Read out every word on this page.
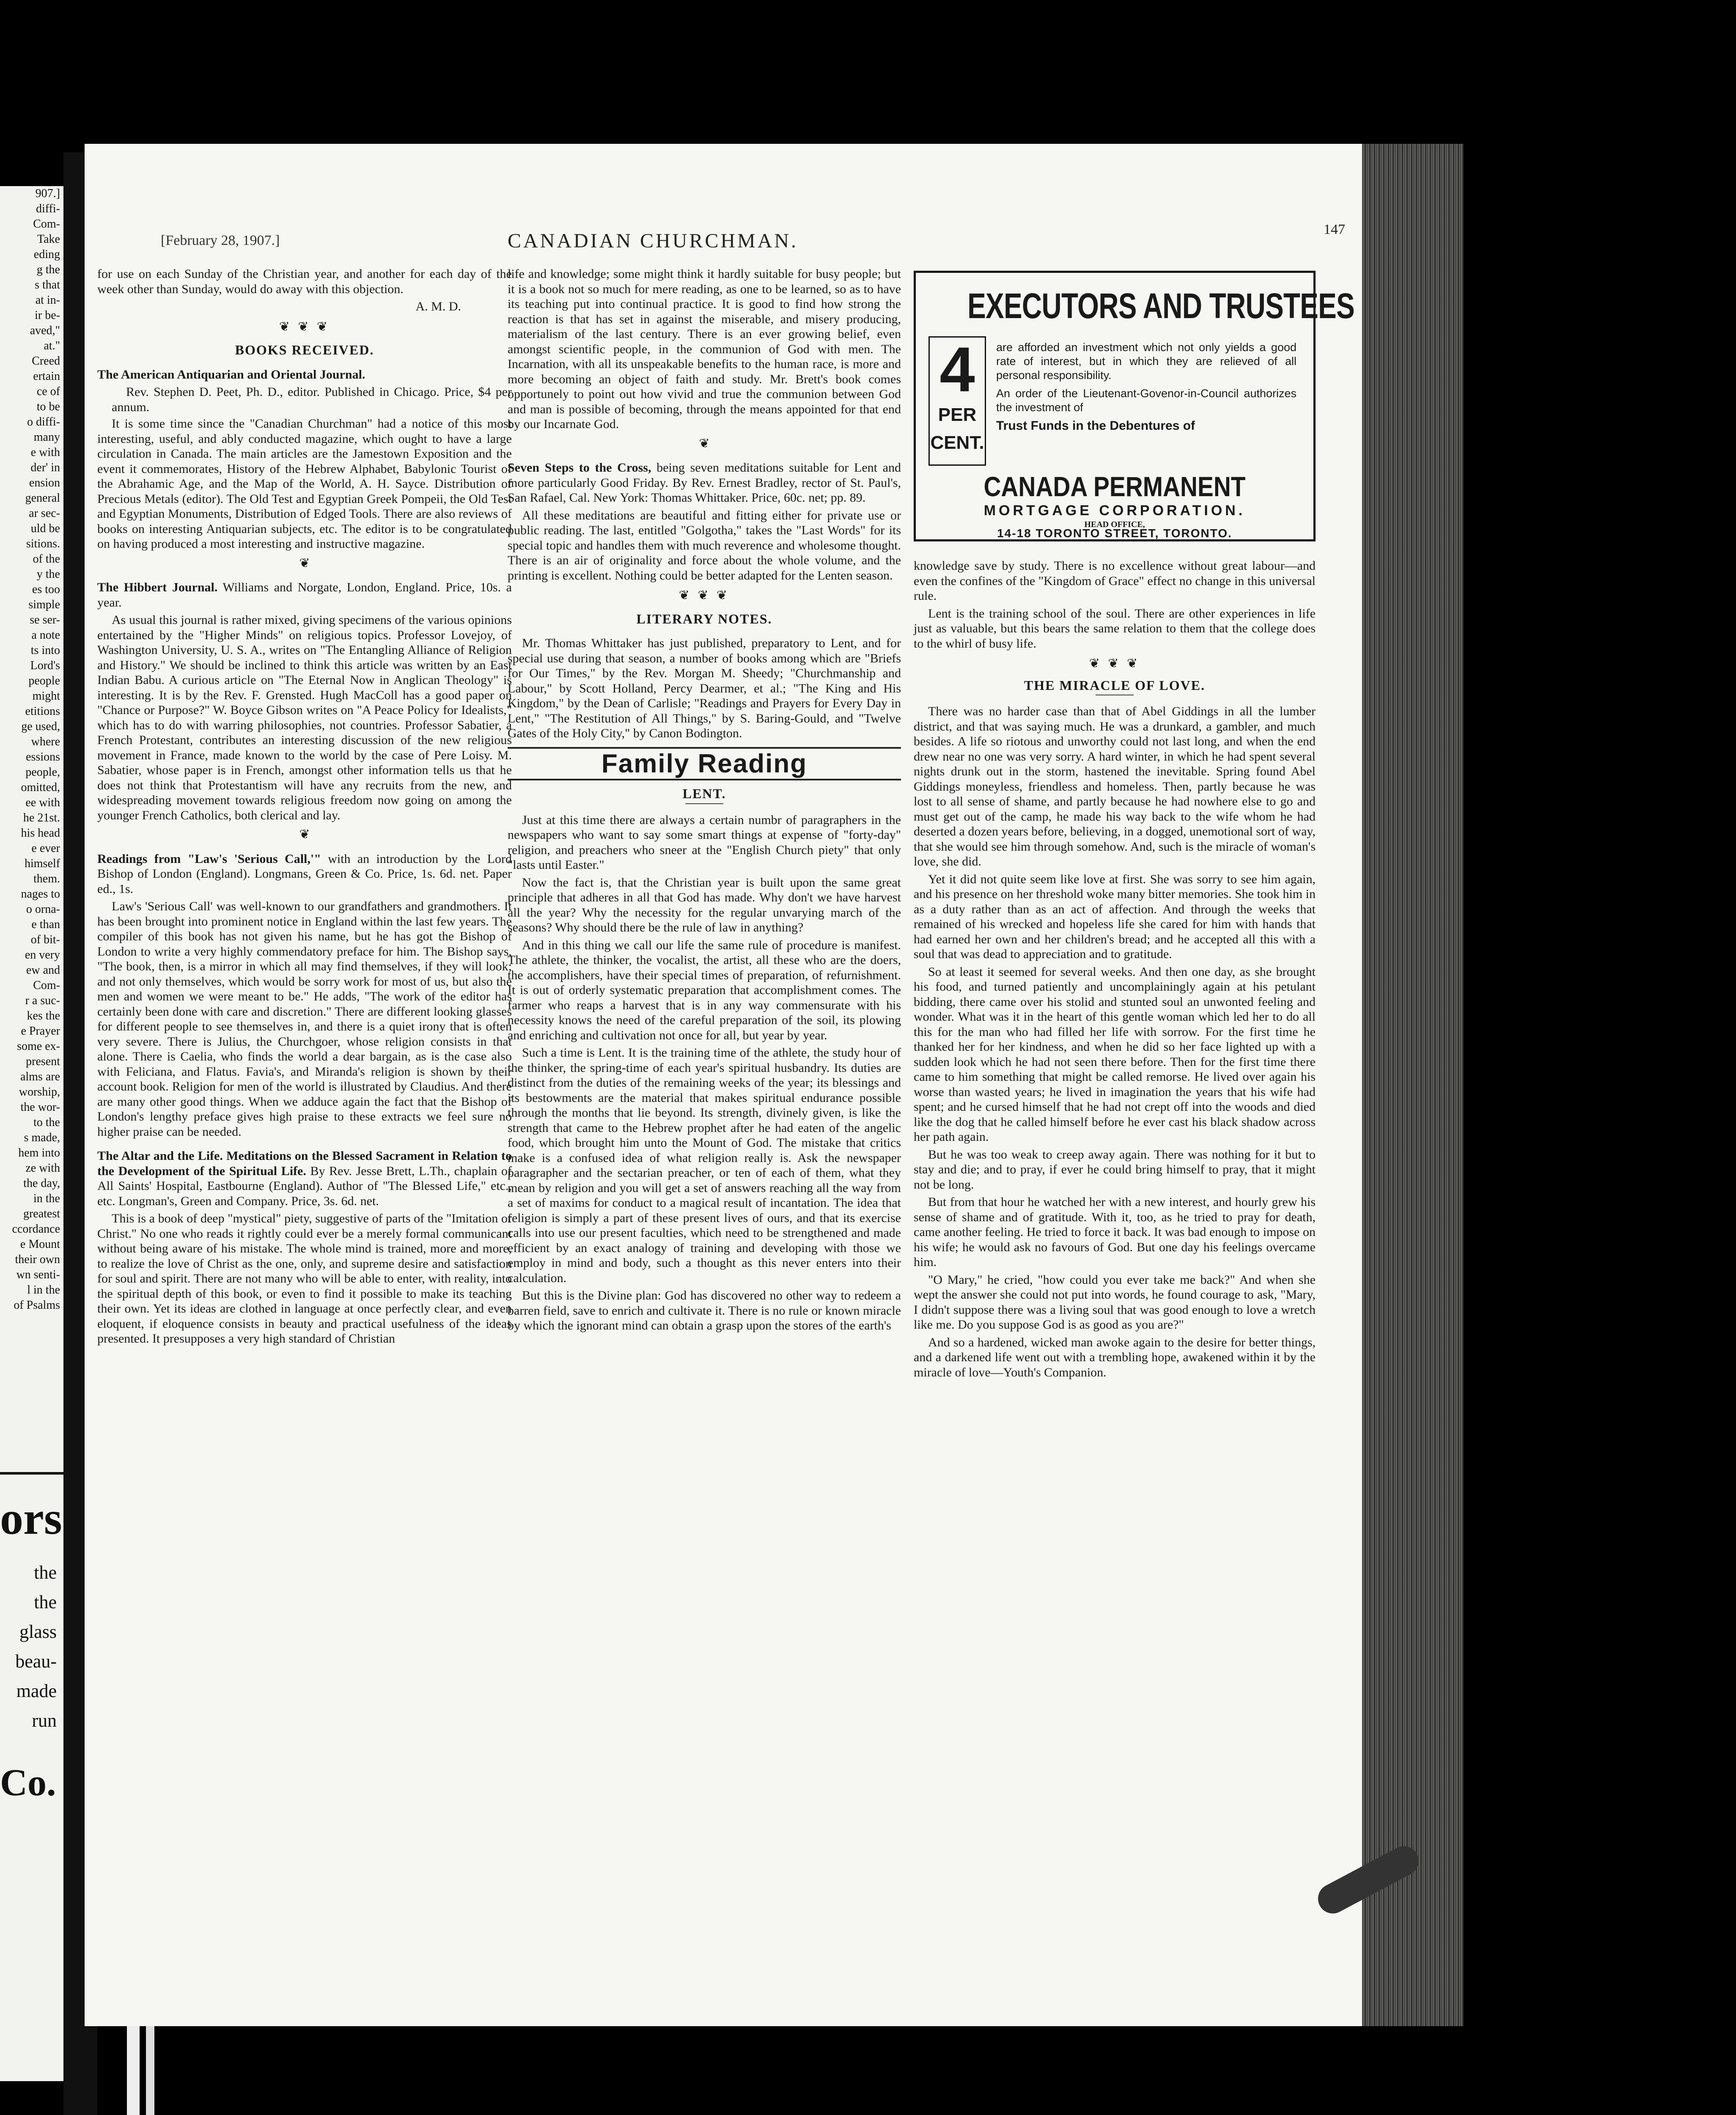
907.]
diffi-
Com-
Take
eding
g the
s that
at in-
ir be-
aved,"
at."
Creed
ertain
ce of
to be
o diffi-
many
e with
der' in
ension
general
ar sec-
uld be
sitions.
of the
y the
es too
simple
se ser-
a note
ts into
Lord's
people
might
etitions
ge used,
where
essions
people,
omitted,
ee with
he 21st.
his head
e ever
himself
them.
nages to
o orna-
e than
of bit-
en very
ew and
Com-
r a suc-
kes the
e Prayer
some ex-
present
alms are
worship,
the wor-
to the
s made,
hem into
ze with
the day,
in the
greatest
ccordance
e Mount
their own
wn senti-
l in the
of Psalms
ors
the
the
glass
beau-
made
run
Co.
[February 28, 1907.]	CANADIAN CHURCHMAN.
147

for use on each Sunday of the Christian year, and another for each day of the week other than Sunday, would do away with this objection.

A. M. D.

❦ ❦ ❦
BOOKS RECEIVED.

The American Antiquarian and Oriental Journal.

Rev. Stephen D. Peet, Ph. D., editor. Published in Chicago. Price, $4 per annum.

It is some time since the "Canadian Churchman" had a notice of this most interesting, useful, and ably conducted magazine, which ought to have a large circulation in Canada. The main articles are the Jamestown Exposition and the event it commemorates, History of the Hebrew Alphabet, Babylonic Tourist of the Abrahamic Age, and the Map of the World, A. H. Sayce. Distribution of Precious Metals (editor). The Old Test and Egyptian Greek Pompeii, the Old Test and Egyptian Monuments, Distribution of Edged Tools. There are also reviews of books on interesting Antiquarian subjects, etc. The editor is to be congratulated on having produced a most interesting and instructive magazine.

❦

The Hibbert Journal. Williams and Norgate, London, England. Price, 10s. a year.

As usual this journal is rather mixed, giving specimens of the various opinions entertained by the "Higher Minds" on religious topics. Professor Lovejoy, of Washington University, U. S. A., writes on "The Entangling Alliance of Religion and History." We should be inclined to think this article was written by an East Indian Babu. A curious article on "The Eternal Now in Anglican Theology" is interesting. It is by the Rev. F. Grensted. Hugh MacColl has a good paper on "Chance or Purpose?" W. Boyce Gibson writes on "A Peace Policy for Idealists," which has to do with warring philosophies, not countries. Professor Sabatier, a French Protestant, contributes an interesting discussion of the new religious movement in France, made known to the world by the case of Pere Loisy. M. Sabatier, whose paper is in French, amongst other information tells us that he does not think that Protestantism will have any recruits from the new, and widespreading movement towards religious freedom now going on among the younger French Catholics, both clerical and lay.

❦

Readings from "Law's 'Serious Call,'" with an introduction by the Lord Bishop of London (England). Longmans, Green & Co. Price, 1s. 6d. net. Paper ed., 1s.

Law's 'Serious Call' was well-known to our grandfathers and grandmothers. It has been brought into prominent notice in England within the last few years. The compiler of this book has not given his name, but he has got the Bishop of London to write a very highly commendatory preface for him. The Bishop says, "The book, then, is a mirror in which all may find themselves, if they will look; and not only themselves, which would be sorry work for most of us, but also the men and women we were meant to be." He adds, "The work of the editor has certainly been done with care and discretion." There are different looking glasses for different people to see themselves in, and there is a quiet irony that is often very severe. There is Julius, the Churchgoer, whose religion consists in that alone. There is Caelia, who finds the world a dear bargain, as is the case also with Feliciana, and Flatus. Favia's, and Miranda's religion is shown by their account book. Religion for men of the world is illustrated by Claudius. And there are many other good things. When we adduce again the fact that the Bishop of London's lengthy preface gives high praise to these extracts we feel sure no higher praise can be needed.

The Altar and the Life. Meditations on the Blessed Sacrament in Relation to the Development of the Spiritual Life. By Rev. Jesse Brett, L.Th., chaplain of All Saints' Hospital, Eastbourne (England). Author of "The Blessed Life," etc., etc. Longman's, Green and Company. Price, 3s. 6d. net.

This is a book of deep "mystical" piety, suggestive of parts of the "Imitation of Christ." No one who reads it rightly could ever be a merely formal communicant without being aware of his mistake. The whole mind is trained, more and more, to realize the love of Christ as the one, only, and supreme desire and satisfaction for soul and spirit. There are not many who will be able to enter, with reality, into the spiritual depth of this book, or even to find it possible to make its teaching their own. Yet its ideas are clothed in language at once perfectly clear, and even eloquent, if eloquence consists in beauty and practical usefulness of the ideas presented. It presupposes a very high standard of Christian

life and knowledge; some might think it hardly suitable for busy people; but it is a book not so much for mere reading, as one to be learned, so as to have its teaching put into continual practice. It is good to find how strong the reaction is that has set in against the miserable, and misery producing, materialism of the last century. There is an ever growing belief, even amongst scientific people, in the communion of God with men. The Incarnation, with all its unspeakable benefits to the human race, is more and more becoming an object of faith and study. Mr. Brett's book comes opportunely to point out how vivid and true the communion between God and man is possible of becoming, through the means appointed for that end by our Incarnate God.

❦

Seven Steps to the Cross, being seven meditations suitable for Lent and more particularly Good Friday. By Rev. Ernest Bradley, rector of St. Paul's, San Rafael, Cal. New York: Thomas Whittaker. Price, 60c. net; pp. 89.

All these meditations are beautiful and fitting either for private use or public reading. The last, entitled "Golgotha," takes the "Last Words" for its special topic and handles them with much reverence and wholesome thought. There is an air of originality and force about the whole volume, and the printing is excellent. Nothing could be better adapted for the Lenten season.

❦ ❦ ❦
LITERARY NOTES.

Mr. Thomas Whittaker has just published, preparatory to Lent, and for special use during that season, a number of books among which are "Briefs for Our Times," by the Rev. Morgan M. Sheedy; "Churchmanship and Labour," by Scott Holland, Percy Dearmer, et al.; "The King and His Kingdom," by the Dean of Carlisle; "Readings and Prayers for Every Day in Lent," "The Restitution of All Things," by S. Baring-Gould, and "Twelve Gates of the Holy City," by Canon Bodington.

Family Reading
LENT.

Just at this time there are always a certain numbr of paragraphers in the newspapers who want to say some smart things at expense of "forty-day" religion, and preachers who sneer at the "English Church piety" that only "lasts until Easter."

Now the fact is, that the Christian year is built upon the same great principle that adheres in all that God has made. Why don't we have harvest all the year? Why the necessity for the regular unvarying march of the seasons? Why should there be the rule of law in anything?

And in this thing we call our life the same rule of procedure is manifest. The athlete, the thinker, the vocalist, the artist, all these who are the doers, the accomplishers, have their special times of preparation, of refurnishment. It is out of orderly systematic preparation that accomplishment comes. The farmer who reaps a harvest that is in any way commensurate with his necessity knows the need of the careful preparation of the soil, its plowing and enriching and cultivation not once for all, but year by year.

Such a time is Lent. It is the training time of the athlete, the study hour of the thinker, the spring-time of each year's spiritual husbandry. Its duties are distinct from the duties of the remaining weeks of the year; its blessings and its bestowments are the material that makes spiritual endurance possible through the months that lie beyond. Its strength, divinely given, is like the strength that came to the Hebrew prophet after he had eaten of the angelic food, which brought him unto the Mount of God. The mistake that critics make is a confused idea of what religion really is. Ask the newspaper paragrapher and the sectarian preacher, or ten of each of them, what they mean by religion and you will get a set of answers reaching all the way from a set of maxims for conduct to a magical result of incantation. The idea that religion is simply a part of these present lives of ours, and that its exercise calls into use our present faculties, which need to be strengthened and made efficient by an exact analogy of training and developing with those we employ in mind and body, such a thought as this never enters into their calculation.

But this is the Divine plan: God has discovered no other way to redeem a barren field, save to enrich and cultivate it. There is no rule or known miracle by which the ignorant mind can obtain a grasp upon the stores of the earth's

EXECUTORS AND TRUSTEES
4
PER
CENT.

are afforded an investment which not only yields a good rate of interest, but in which they are relieved of all personal responsibility.

An order of the Lieutenant-Govenor-in-Council authorizes the investment of

Trust Funds in the Debentures of

CANADA PERMANENT
MORTGAGE CORPORATION.
HEAD OFFICE,
14-18 TORONTO STREET, TORONTO.

knowledge save by study. There is no excellence without great labour—and even the confines of the "Kingdom of Grace" effect no change in this universal rule.

Lent is the training school of the soul. There are other experiences in life just as valuable, but this bears the same relation to them that the college does to the whirl of busy life.

❦ ❦ ❦
THE MIRACLE OF LOVE.

There was no harder case than that of Abel Giddings in all the lumber district, and that was saying much. He was a drunkard, a gambler, and much besides. A life so riotous and unworthy could not last long, and when the end drew near no one was very sorry. A hard winter, in which he had spent several nights drunk out in the storm, hastened the inevitable. Spring found Abel Giddings moneyless, friendless and homeless. Then, partly because he was lost to all sense of shame, and partly because he had nowhere else to go and must get out of the camp, he made his way back to the wife whom he had deserted a dozen years before, believing, in a dogged, unemotional sort of way, that she would see him through somehow. And, such is the miracle of woman's love, she did.

Yet it did not quite seem like love at first. She was sorry to see him again, and his presence on her threshold woke many bitter memories. She took him in as a duty rather than as an act of affection. And through the weeks that remained of his wrecked and hopeless life she cared for him with hands that had earned her own and her children's bread; and he accepted all this with a soul that was dead to appreciation and to gratitude.

So at least it seemed for several weeks. And then one day, as she brought his food, and turned patiently and uncomplainingly again at his petulant bidding, there came over his stolid and stunted soul an unwonted feeling and wonder. What was it in the heart of this gentle woman which led her to do all this for the man who had filled her life with sorrow. For the first time he thanked her for her kindness, and when he did so her face lighted up with a sudden look which he had not seen there before. Then for the first time there came to him something that might be called remorse. He lived over again his worse than wasted years; he lived in imagination the years that his wife had spent; and he cursed himself that he had not crept off into the woods and died like the dog that he called himself before he ever cast his black shadow across her path again.

But he was too weak to creep away again. There was nothing for it but to stay and die; and to pray, if ever he could bring himself to pray, that it might not be long.

But from that hour he watched her with a new interest, and hourly grew his sense of shame and of gratitude. With it, too, as he tried to pray for death, came another feeling. He tried to force it back. It was bad enough to impose on his wife; he would ask no favours of God. But one day his feelings overcame him.

"O Mary," he cried, "how could you ever take me back?" And when she wept the answer she could not put into words, he found courage to ask, "Mary, I didn't suppose there was a living soul that was good enough to love a wretch like me. Do you suppose God is as good as you are?"

And so a hardened, wicked man awoke again to the desire for better things, and a darkened life went out with a trembling hope, awakened within it by the miracle of love—Youth's Companion.
